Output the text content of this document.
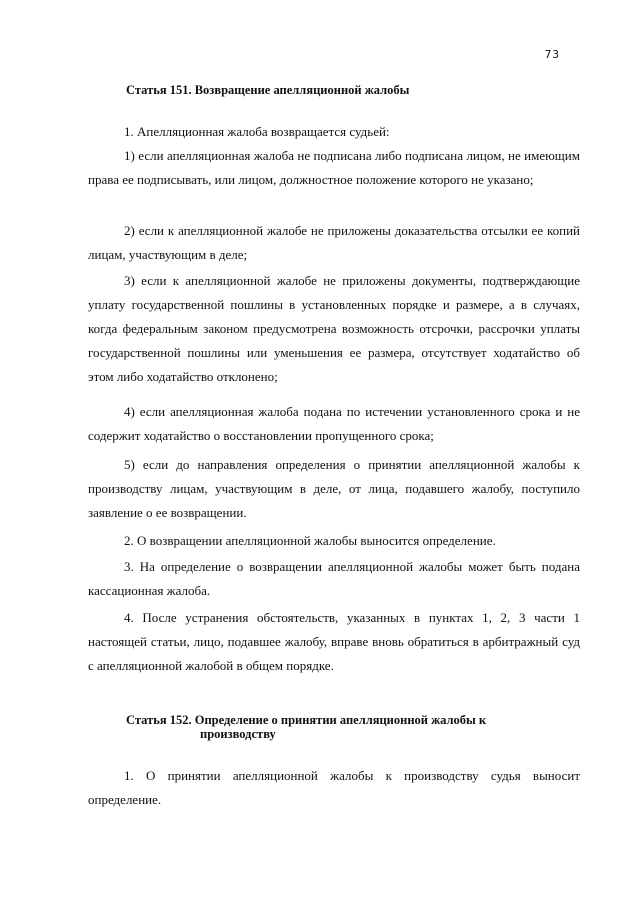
73
Статья 151. Возвращение апелляционной жалобы

1. Апелляционная жалоба возвращается судьей:

1) если апелляционная жалоба не подписана либо подписана лицом, не имеющим права ее подписывать, или лицом, должностное положение которого не указано;

2) если к апелляционной жалобе не приложены доказательства отсылки ее копий лицам, участвующим в деле;

3) если к апелляционной жалобе не приложены документы, подтверждающие уплату государственной пошлины в установленных порядке и размере, а в случаях, когда федеральным законом предусмотрена возможность отсрочки, рассрочки уплаты государственной пошлины или уменьшения ее размера, отсутствует ходатайство об этом либо ходатайство отклонено;

4) если апелляционная жалоба подана по истечении установленного срока и не содержит ходатайство о восстановлении пропущенного срока;

5) если до направления определения о принятии апелляционной жалобы к производству лицам, участвующим в деле, от лица, подавшего жалобу, поступило заявление о ее возвращении.

2. О возвращении апелляционной жалобы выносится определение.

3. На определение о возвращении апелляционной жалобы может быть подана кассационная жалоба.

4. После устранения обстоятельств, указанных в пунктах 1, 2, 3 части 1 настоящей статьи, лицо, подавшее жалобу, вправе вновь обратиться в арбитражный суд с апелляционной жалобой в общем порядке.

Статья 152. Определение о принятии апелляционной жалобы к
производству

1. О принятии апелляционной жалобы к производству судья выносит определение.
